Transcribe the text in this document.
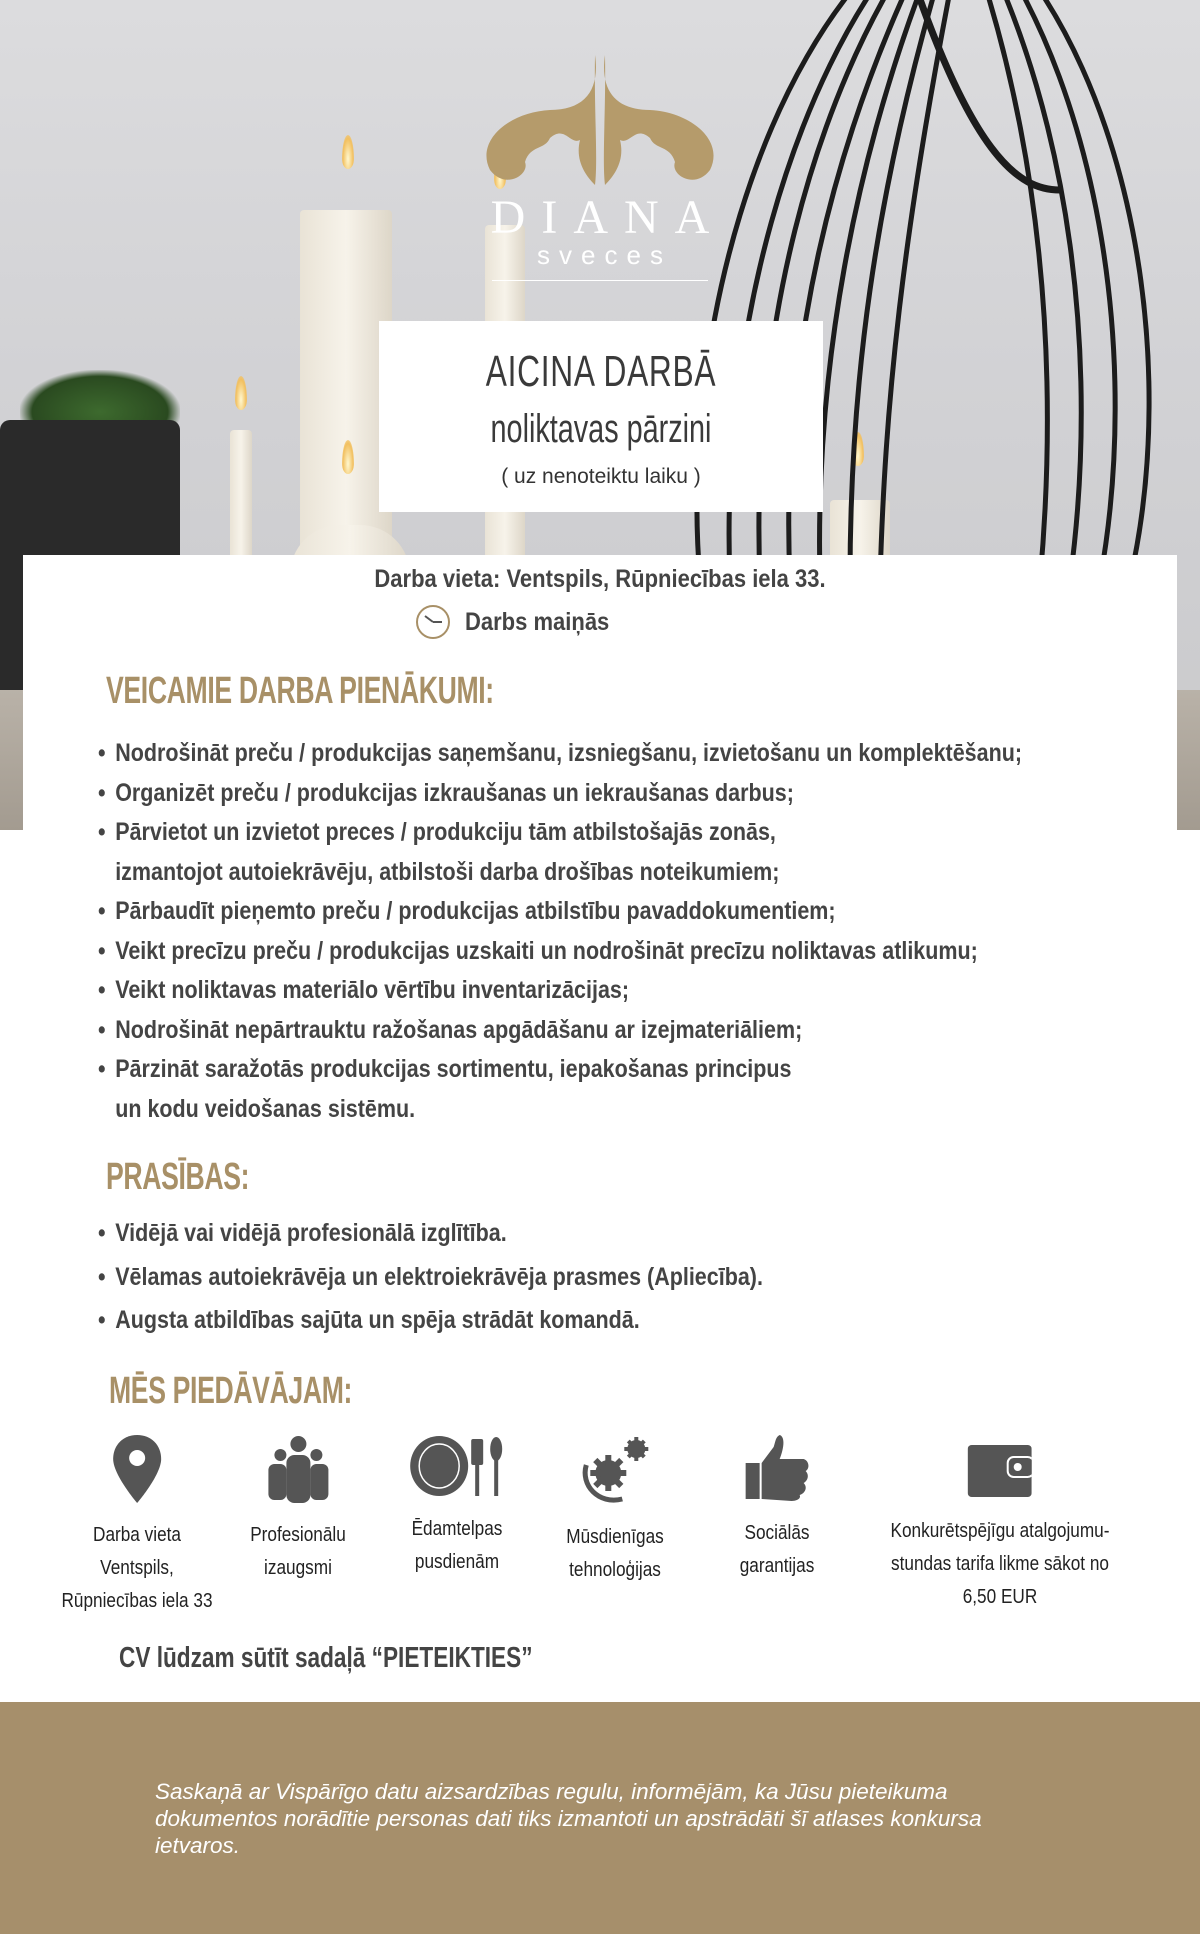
DIANA
sveces
AICINA DARBĀ
noliktavas pārzini
( uz nenoteiktu laiku )
Darba vieta: Ventspils, Rūpniecības iela 33.
Darbs maiņās
VEICAMIE DARBA PIENĀKUMI:
• Nodrošināt preču / produkcijas saņemšanu, izsniegšanu, izvietošanu un komplektēšanu;
• Organizēt preču / produkcijas izkraušanas un iekraušanas darbus;
• Pārvietot un izvietot preces / produkciju tām atbilstošajās zonās,
izmantojot autoiekrāvēju, atbilstoši darba drošības noteikumiem;
• Pārbaudīt pieņemto preču / produkcijas atbilstību pavaddokumentiem;
• Veikt precīzu preču / produkcijas uzskaiti un nodrošināt precīzu noliktavas atlikumu;
• Veikt noliktavas materiālo vērtību inventarizācijas;
• Nodrošināt nepārtrauktu ražošanas apgādāšanu ar izejmateriāliem;
• Pārzināt saražotās produkcijas sortimentu, iepakošanas principus
un kodu veidošanas sistēmu.
PRASĪBAS:
• Vidējā vai vidējā profesionālā izglītība.
• Vēlamas autoiekrāvēja un elektroiekrāvēja prasmes (Apliecība).
• Augsta atbildības sajūta un spēja strādāt komandā.
MĒS PIEDĀVĀJAM:
Darba vieta
Ventspils,
Rūpniecības iela 33
Profesionālu
izaugsmi
Ēdamtelpas
pusdienām
Mūsdienīgas
tehnoloģijas
Sociālās
garantijas
Konkurētspējīgu atalgojumu-
stundas tarifa likme sākot no
6,50 EUR
CV lūdzam sūtīt sadaļā “PIETEIKTIES”

Saskaņā ar Vispārīgo datu aizsardzības regulu, informējām, ka Jūsu pieteikuma dokumentos norādītie personas dati tiks izmantoti un apstrādāti šī atlases konkursa ietvaros.
